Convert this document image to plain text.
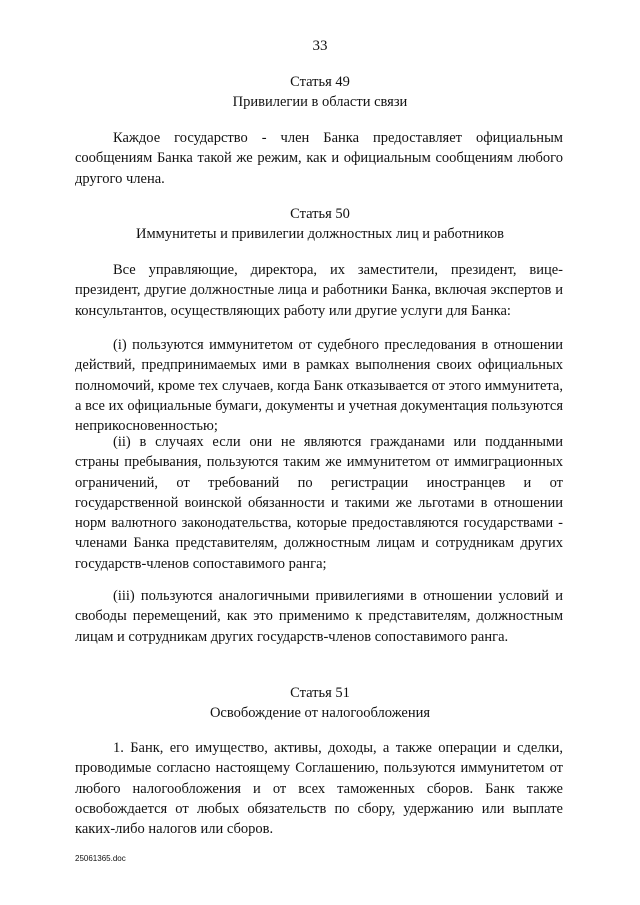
33
Статья 49
Привилегии в области связи

Каждое государство - член Банка предоставляет официальным сообщениям Банка такой же режим, как и официальным сообщениям любого другого члена.

Статья 50
Иммунитеты и привилегии должностных лиц и работников

Все управляющие, директора, их заместители, президент, вице-президент, другие должностные лица и работники Банка, включая экспертов и консультантов, осуществляющих работу или другие услуги для Банка:

(i) пользуются иммунитетом от судебного преследования в отношении действий, предпринимаемых ими в рамках выполнения своих официальных полномочий, кроме тех случаев, когда Банк отказывается от этого иммунитета, а все их официальные бумаги, документы и учетная документация пользуются неприкосновенностью;

(ii) в случаях если они не являются гражданами или подданными страны пребывания, пользуются таким же иммунитетом от иммиграционных ограничений, от требований по регистрации иностранцев и от государственной воинской обязанности и такими же льготами в отношении норм валютного законодательства, которые предоставляются государствами - членами Банка представителям, должностным лицам и сотрудникам других государств-членов сопоставимого ранга;

(iii) пользуются аналогичными привилегиями в отношении условий и свободы перемещений, как это применимо к представителям, должностным лицам и сотрудникам других государств-членов сопоставимого ранга.

Статья 51
Освобождение от налогообложения

1. Банк, его имущество, активы, доходы, а также операции и сделки, проводимые согласно настоящему Соглашению, пользуются иммунитетом от любого налогообложения и от всех таможенных сборов. Банк также освобождается от любых обязательств по сбору, удержанию или выплате каких-либо налогов или сборов.

25061365.doc
